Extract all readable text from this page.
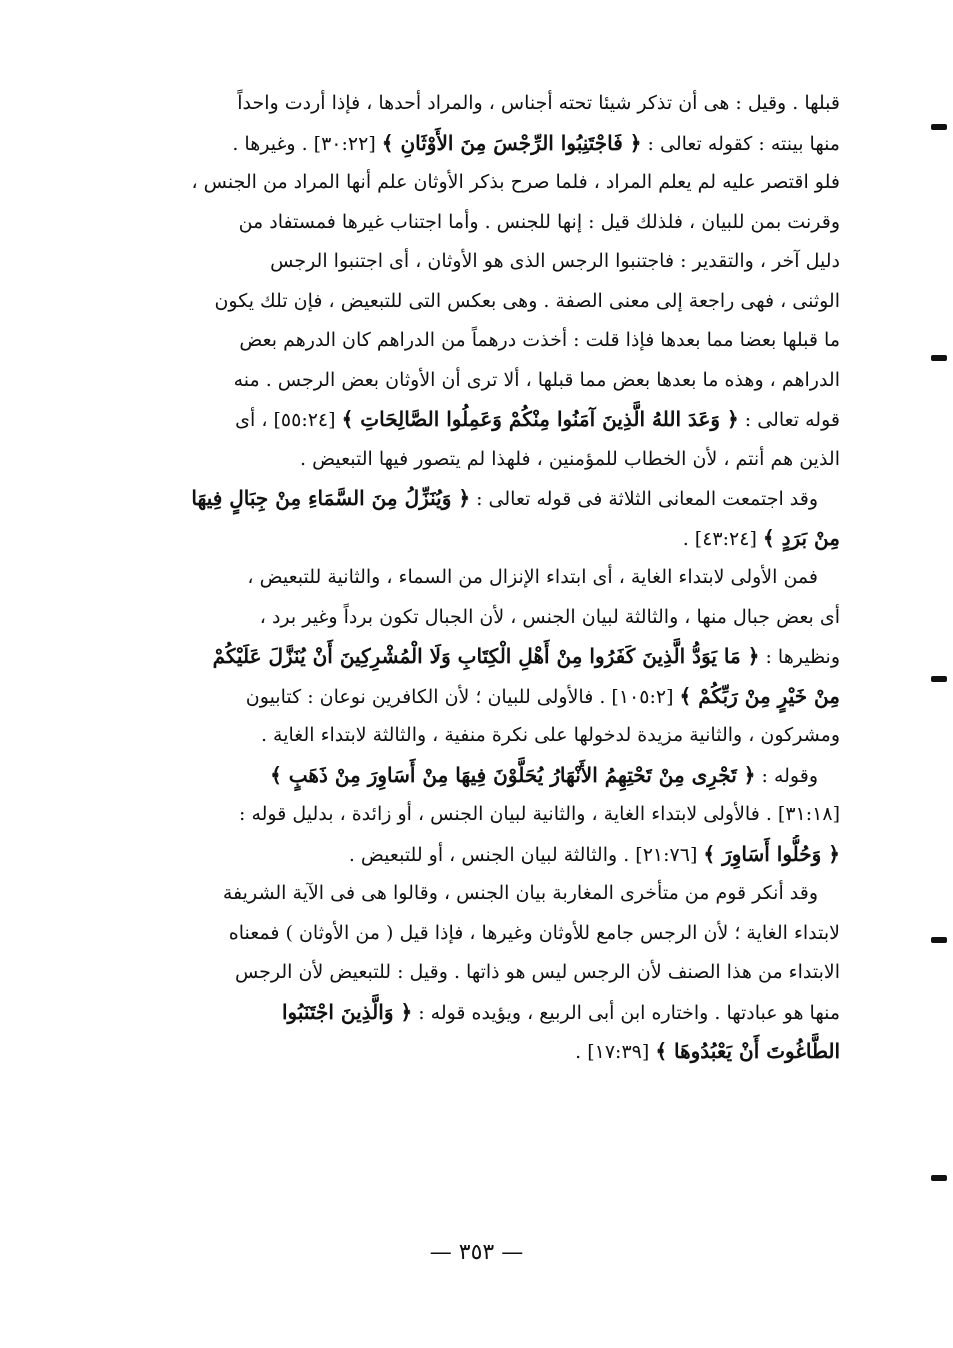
قبلها . وقيل : هى أن تذكر شيئا تحته أجناس ، والمراد أحدها ، فإذا أردت واحداً
منها بينته : كقوله تعالى : ﴿ فَاجْتَنِبُوا الرِّجْسَ مِنَ الأَوْثَانِ ﴾ [٣٠:٢٢] . وغيرها .
فلو اقتصر عليه لم يعلم المراد ، فلما صرح بذكر الأوثان علم أنها المراد من الجنس ،
وقرنت بمن للبيان ، فلذلك قيل : إنها للجنس . وأما اجتناب غيرها فمستفاد من
دليل آخر ، والتقدير : فاجتنبوا الرجس الذى هو الأوثان ، أى اجتنبوا الرجس
الوثنى ، فهى راجعة إلى معنى الصفة . وهى بعكس التى للتبعيض ، فإن تلك يكون
ما قبلها بعضا مما بعدها فإذا قلت : أخذت درهماً من الدراهم كان الدرهم بعض
الدراهم ، وهذه ما بعدها بعض مما قبلها ، ألا ترى أن الأوثان بعض الرجس . منه
قوله تعالى : ﴿ وَعَدَ اللهُ الَّذِينَ آمَنُوا مِنْكُمْ وَعَمِلُوا الصَّالِحَاتِ ﴾ [٥٥:٢٤] ، أى
الذين هم أنتم ، لأن الخطاب للمؤمنين ، فلهذا لم يتصور فيها التبعيض .
وقد اجتمعت المعانى الثلاثة فى قوله تعالى : ﴿ وَيُنَزِّلُ مِنَ السَّمَاءِ مِنْ جِبَالٍ فِيهَا
مِنْ بَرَدٍ ﴾ [٤٣:٢٤] .
فمن الأولى لابتداء الغاية ، أى ابتداء الإنزال من السماء ، والثانية للتبعيض ،
أى بعض جبال منها ، والثالثة لبيان الجنس ، لأن الجبال تكون برداً وغير برد ،
ونظيرها : ﴿ مَا يَوَدُّ الَّذِينَ كَفَرُوا مِنْ أَهْلِ الْكِتَابِ وَلَا الْمُشْرِكِينَ أَنْ يُنَزَّلَ عَلَيْكُمْ
مِنْ خَيْرٍ مِنْ رَبِّكُمْ ﴾ [١٠٥:٢] . فالأولى للبيان ؛ لأن الكافرين نوعان : كتابيون
ومشركون ، والثانية مزيدة لدخولها على نكرة منفية ، والثالثة لابتداء الغاية .
وقوله : ﴿ تَجْرِى مِنْ تَحْتِهِمُ الأَنْهَارُ يُحَلَّوْنَ فِيهَا مِنْ أَسَاوِرَ مِنْ ذَهَبٍ ﴾
[٣١:١٨] . فالأولى لابتداء الغاية ، والثانية لبيان الجنس ، أو زائدة ، بدليل قوله :
﴿ وَحُلُّوا أَسَاوِرَ ﴾ [٢١:٧٦] . والثالثة لبيان الجنس ، أو للتبعيض .
وقد أنكر قوم من متأخرى المغاربة بيان الجنس ، وقالوا هى فى الآية الشريفة
لابتداء الغاية ؛ لأن الرجس جامع للأوثان وغيرها ، فإذا قيل ( من الأوثان ) فمعناه
الابتداء من هذا الصنف لأن الرجس ليس هو ذاتها . وقيل : للتبعيض لأن الرجس
منها هو عبادتها . واختاره ابن أبى الربيع ، ويؤيده قوله : ﴿ وَالَّذِينَ اجْتَنَبُوا
الطَّاغُوتَ أَنْ يَعْبُدُوهَا ﴾ [١٧:٣٩] .
— ٣٥٣ —
